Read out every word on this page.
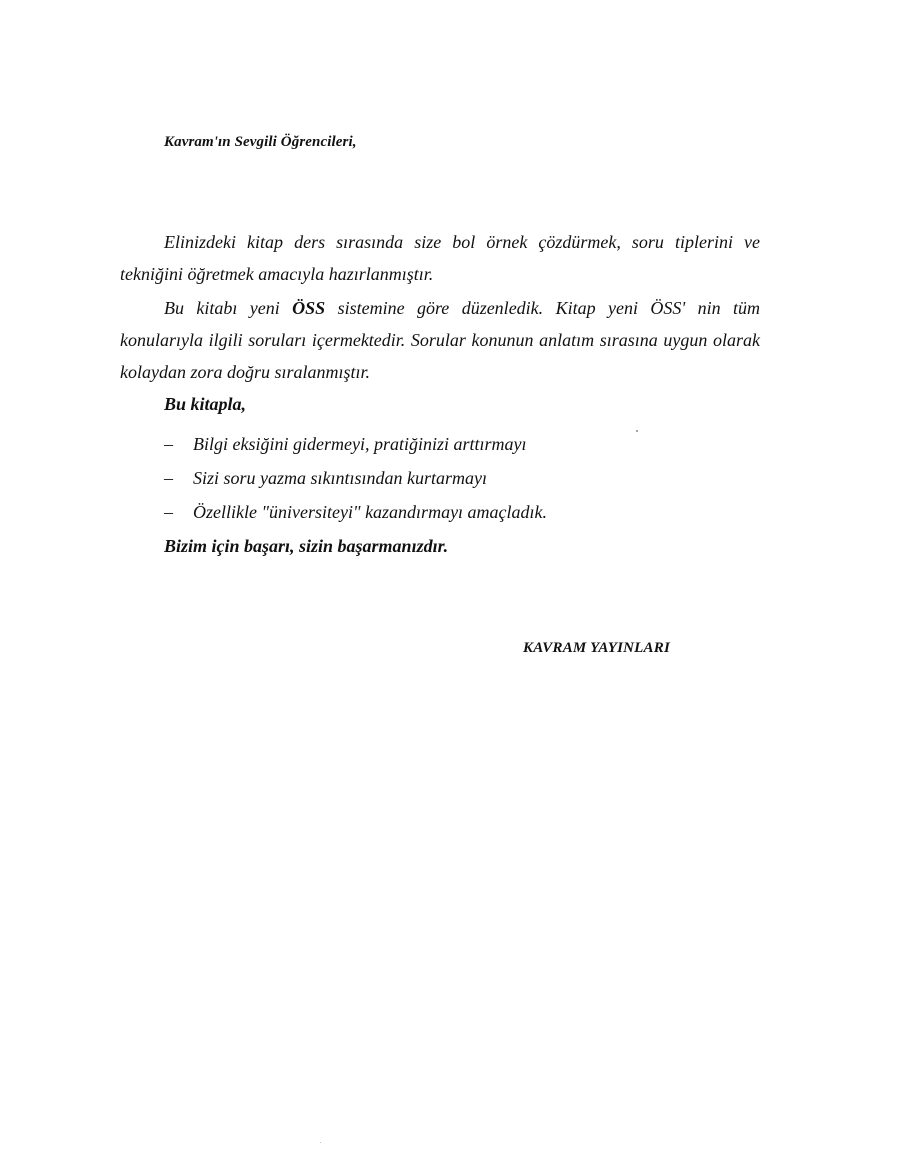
Kavram'ın Sevgili Öğrencileri,
Elinizdeki kitap ders sırasında size bol örnek çözdürmek, soru tiplerini ve tekniğini öğretmek amacıyla hazırlanmıştır.
Bu kitabı yeni ÖSS sistemine göre düzenledik. Kitap yeni ÖSS' nin tüm konularıyla ilgili soruları içermektedir. Sorular konunun anlatım sırasına uygun olarak kolaydan zora doğru sıralanmıştır.
Bu kitapla,
–	Bilgi eksiğini gidermeyi, pratiğinizi arttırmayı
–	Sizi soru yazma sıkıntısından kurtarmayı
–	Özellikle "üniversiteyi" kazandırmayı amaçladık.
Bizim için başarı, sizin başarmanızdır.
KAVRAM YAYINLARI
